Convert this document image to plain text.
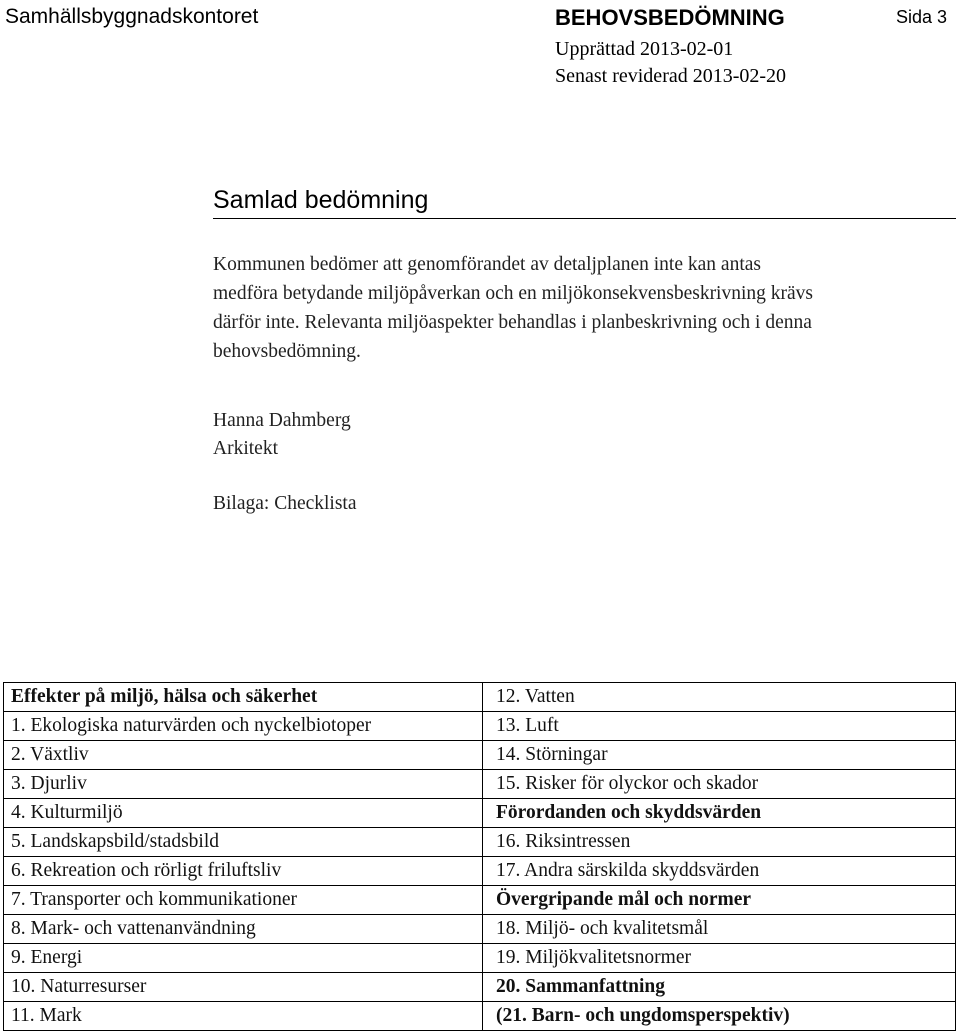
Samhällsbyggnadskontoret	BEHOVSBEDÖMNING	Sida 3
Upprättad 2013-02-01
Senast reviderad 2013-02-20
Samlad bedömning
Kommunen bedömer att genomförandet av detaljplanen inte kan antas
medföra betydande miljöpåverkan och en miljökonsekvensbeskrivning krävs
därför inte. Relevanta miljöaspekter behandlas i planbeskrivning och i denna
behovsbedömning.
Hanna Dahmberg
Arkitekt
Bilaga: Checklista
Effekter på miljö, hälsa och säkerhet	12. Vatten
1. Ekologiska naturvärden och nyckelbiotoper	13. Luft
2. Växtliv	14. Störningar
3. Djurliv	15. Risker för olyckor och skador
4. Kulturmiljö	Förordanden och skyddsvärden
5. Landskapsbild/stadsbild	16. Riksintressen
6. Rekreation och rörligt friluftsliv	17. Andra särskilda skyddsvärden
7. Transporter och kommunikationer	Övergripande mål och normer
8. Mark- och vattenanvändning	18. Miljö- och kvalitetsmål
9. Energi	19. Miljökvalitetsnormer
10. Naturresurser	20. Sammanfattning
11. Mark	(21. Barn- och ungdomsperspektiv)
